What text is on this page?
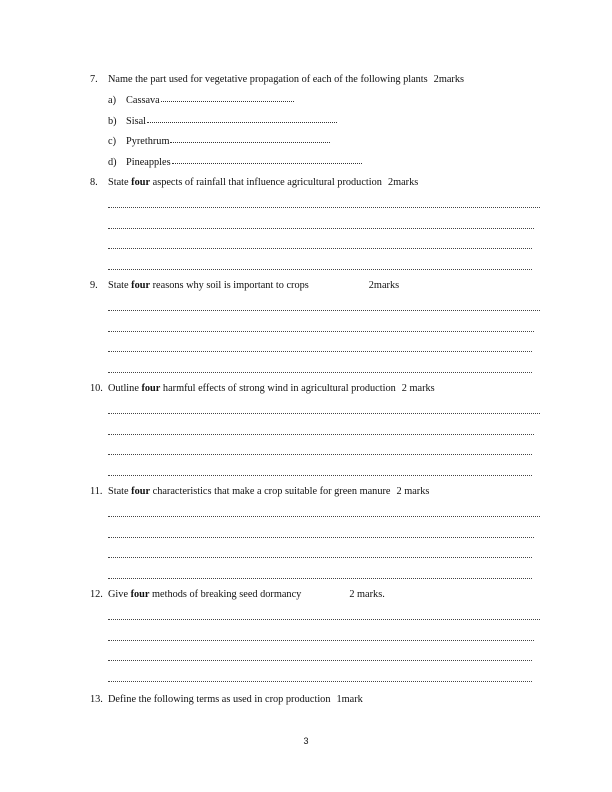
7. Name the part used for vegetative propagation of each of the following plants 2marks
a) Cassava
b) Sisal
c) Pyrethrum
d) Pineapples
8. State four aspects of rainfall that influence agricultural production 2marks
9. State four reasons why soil is important to crops	2marks
10. Outline four harmful effects of strong wind in agricultural production 2 marks
11. State four characteristics that make a crop suitable for green manure 2 marks
12. Give four methods of breaking seed dormancy	2 marks.
13. Define the following terms as used in crop production 1mark
3
